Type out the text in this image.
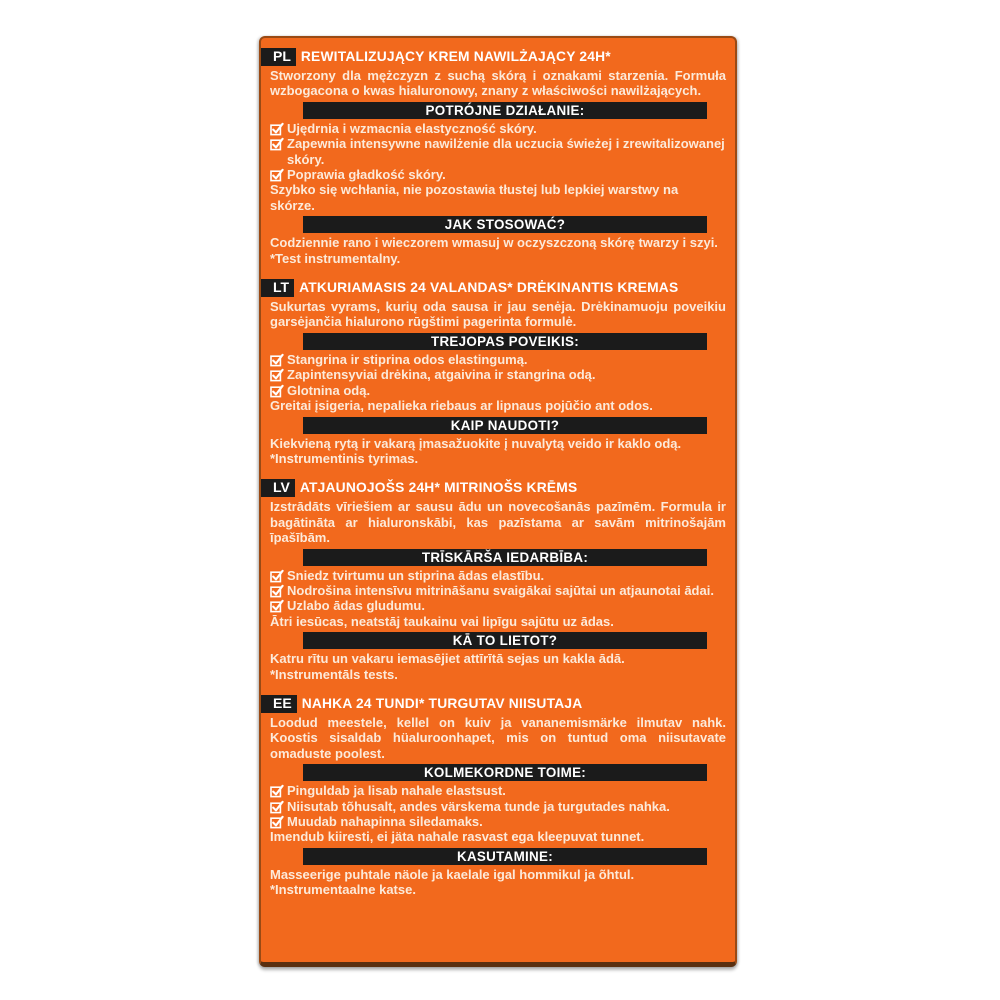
PL REWITALIZUJĄCY KREM NAWILŻAJĄCY 24H*
Stworzony dla mężczyzn z suchą skórą i oznakami starzenia. Formuła wzbogacona o kwas hialuronowy, znany z właściwości nawilżających.
POTRÓJNE DZIAŁANIE:
Ujędrnia i wzmacnia elastyczność skóry.
Zapewnia intensywne nawilżenie dla uczucia świeżej i zrewitalizowanej skóry.
Poprawia gładkość skóry.
Szybko się wchłania, nie pozostawia tłustej lub lepkiej warstwy na skórze.
JAK STOSOWAĆ?
Codziennie rano i wieczorem wmasuj w oczyszczoną skórę twarzy i szyi.
*Test instrumentalny.
LT ATKURIAMASIS 24 VALANDAS* DRĖKINANTIS KREMAS
Sukurtas vyrams, kurių oda sausa ir jau senėja. Drėkinamuoju poveikiu garsėjančia hialurono rūgštimi pagerinta formulė.
TREJOPAS POVEIKIS:
Stangrina ir stiprina odos elastingumą.
Zapintensyviai drėkina, atgaivina ir stangrina odą.
Glotnina odą.
Greitai įsigeria, nepalieka riebaus ar lipnaus pojūčio ant odos.
KAIP NAUDOTI?
Kiekvieną rytą ir vakarą įmasažuokite į nuvalytą veido ir kaklo odą.
*Instrumentinis tyrimas.
LV ATJAUNOJOŠS 24H* MITRINOŠS KRĒMS
Izstrādāts vīriešiem ar sausu ādu un novecošanās pazīmēm. Formula ir bagātināta ar hialuronskābi, kas pazīstama ar savām mitrinošajām īpašībām.
TRĪSKĀRŠA IEDARBĪBA:
Sniedz tvirtumu un stiprina ādas elastību.
Nodrošina intensīvu mitrināšanu svaigākai sajūtai un atjaunotai ādai.
Uzlabo ādas gludumu.
Ātri iesūcas, neatstāj taukainu vai lipīgu sajūtu uz ādas.
KĀ TO LIETOT?
Katru rītu un vakaru iemasējiet attīrītā sejas un kakla ādā.
*Instrumentāls tests.
EE NAHKA 24 TUNDI* TURGUTAV NIISUTAJA
Loodud meestele, kellel on kuiv ja vananemismärke ilmutav nahk. Koostis sisaldab hüaluroonhapet, mis on tuntud oma niisutavate omaduste poolest.
KOLMEKORDNE TOIME:
Pinguldab ja lisab nahale elastsust.
Niisutab tõhusalt, andes värskema tunde ja turgutades nahka.
Muudab nahapinna siledamaks.
Imendub kiiresti, ei jäta nahale rasvast ega kleepuvat tunnet.
KASUTAMINE:
Masseerige puhtale näole ja kaelale igal hommikul ja õhtul.
*Instrumentaalne katse.
